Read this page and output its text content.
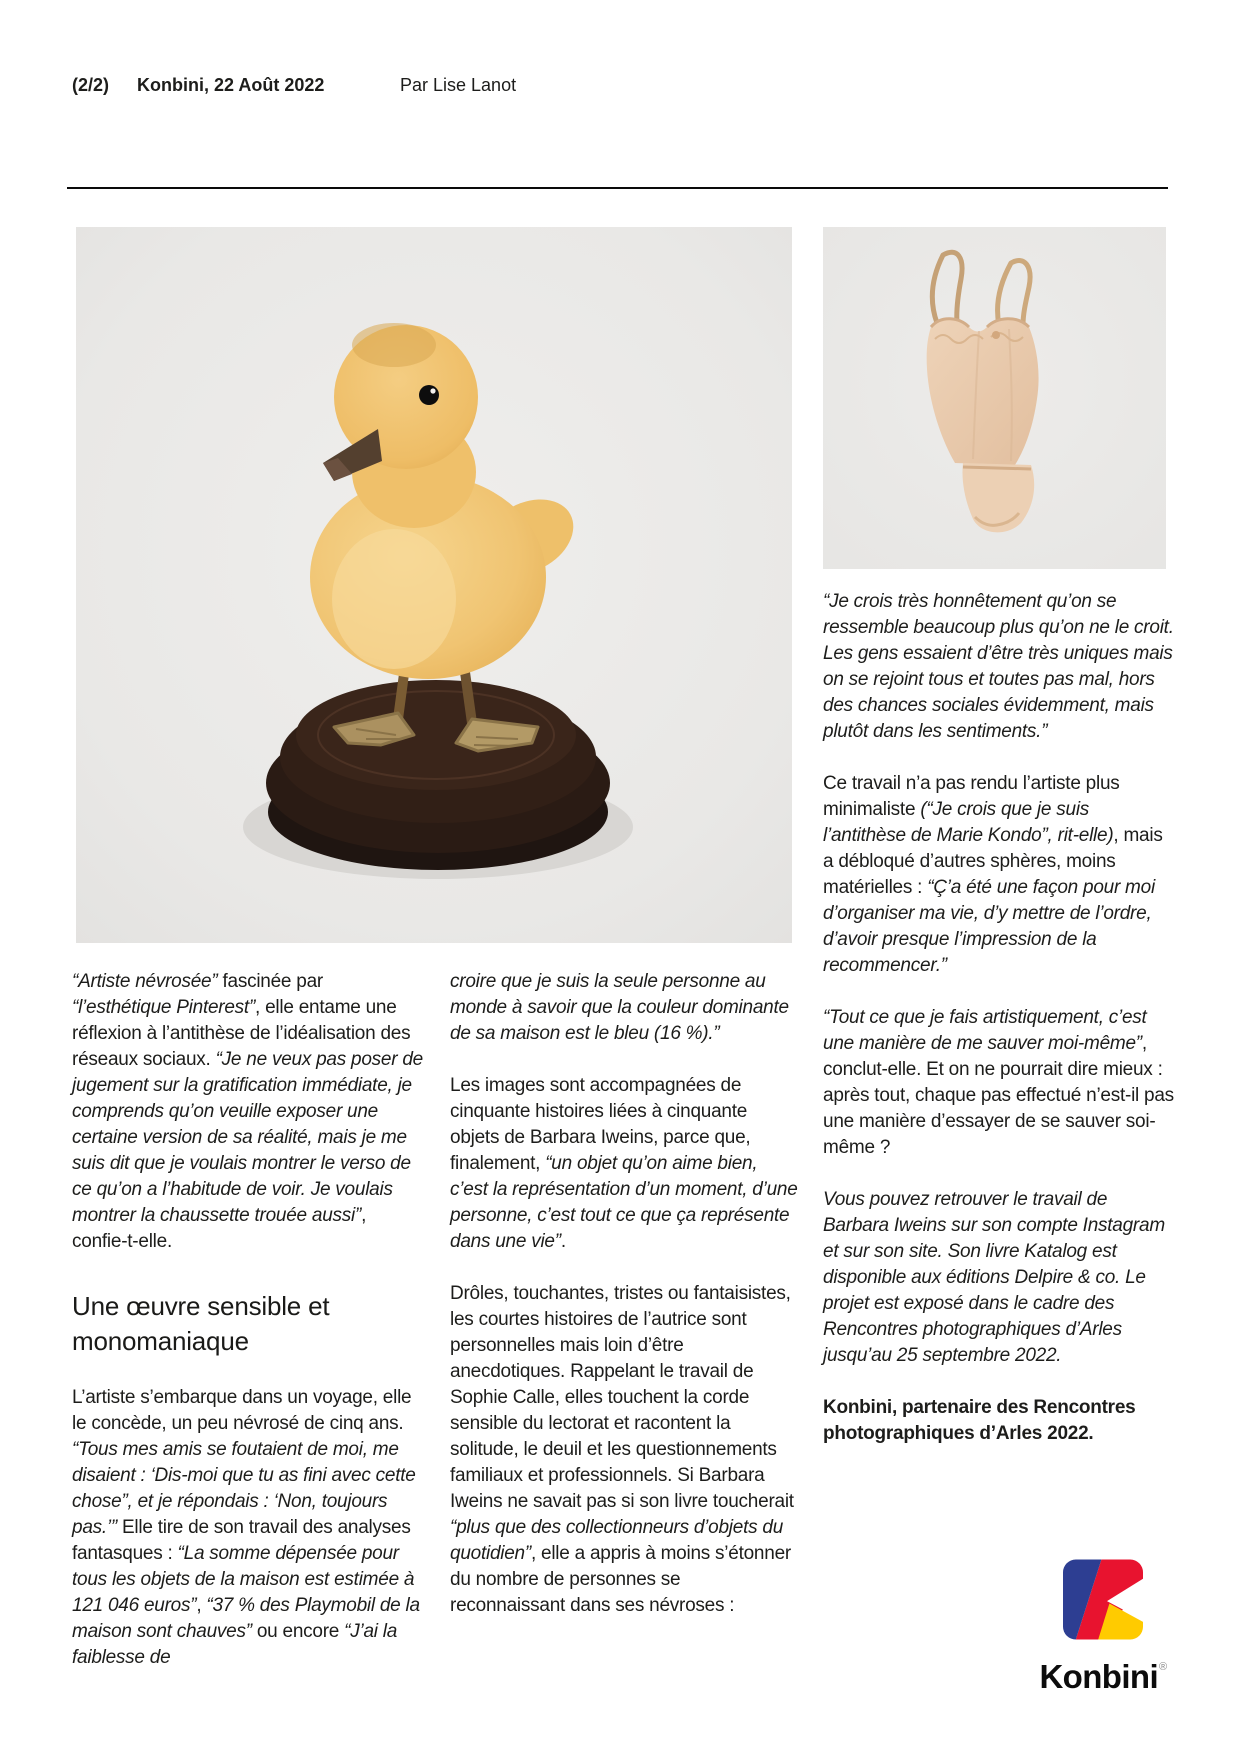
(2/2) Konbini, 22 Août 2022	Par Lise Lanot

“Je crois très honnêtement qu’on se ressemble beaucoup plus qu’on ne le croit. Les gens essaient d’être très uniques mais on se rejoint tous et toutes pas mal, hors des chances sociales évidemment, mais plutôt dans les sentiments.”

Ce travail n’a pas rendu l’artiste plus minimaliste (“Je crois que je suis l’antithèse de Marie Kondo”, rit-elle), mais a débloqué d’autres sphères, moins matérielles : “Ç’a été une façon pour moi d’organiser ma vie, d’y mettre de l’ordre, d’avoir presque l’impression de la recommencer.”

“Tout ce que je fais artistiquement, c’est une manière de me sauver moi-même”, conclut-elle. Et on ne pourrait dire mieux : après tout, chaque pas effectué n’est-il pas une manière d’essayer de se sauver soi-même ?

Vous pouvez retrouver le travail de Barbara Iweins sur son compte Instagram et sur son site. Son livre Katalog est disponible aux éditions Delpire & co. Le projet est exposé dans le cadre des Rencontres photographiques d’Arles jusqu’au 25 septembre 2022.

Konbini, partenaire des Rencontres photographiques d’Arles 2022.

“Artiste névrosée” fascinée par “l’esthétique Pinterest”, elle entame une réflexion à l’antithèse de l’idéalisation des réseaux sociaux. “Je ne veux pas poser de jugement sur la gratification immédiate, je comprends qu’on veuille exposer une certaine version de sa réalité, mais je me suis dit que je voulais montrer le verso de ce qu’on a l’habitude de voir. Je voulais montrer la chaussette trouée aussi”, confie-t-elle.

Une œuvre sensible et monomaniaque

L’artiste s’embarque dans un voyage, elle le concède, un peu névrosé de cinq ans. “Tous mes amis se foutaient de moi, me disaient : ‘Dis-moi que tu as fini avec cette chose”, et je répondais : ‘Non, toujours pas.’” Elle tire de son travail des analyses fantasques : “La somme dépensée pour tous les objets de la maison est estimée à 121 046 euros”, “37 % des Playmobil de la maison sont chauves” ou encore “J’ai la faiblesse de

croire que je suis la seule personne au monde à savoir que la couleur dominante de sa maison est le bleu (16 %).”

Les images sont accompagnées de cinquante histoires liées à cinquante objets de Barbara Iweins, parce que, finalement, “un objet qu’on aime bien, c’est la représentation d’un moment, d’une personne, c’est tout ce que ça représente dans une vie”.

Drôles, touchantes, tristes ou fantaisistes, les courtes histoires de l’autrice sont personnelles mais loin d’être anecdotiques. Rappelant le travail de Sophie Calle, elles touchent la corde sensible du lectorat et racontent la solitude, le deuil et les questionnements familiaux et professionnels. Si Barbara Iweins ne savait pas si son livre toucherait “plus que des collectionneurs d’objets du quotidien”, elle a appris à moins s’étonner du nombre de personnes se reconnaissant dans ses névroses :

Konbini®
